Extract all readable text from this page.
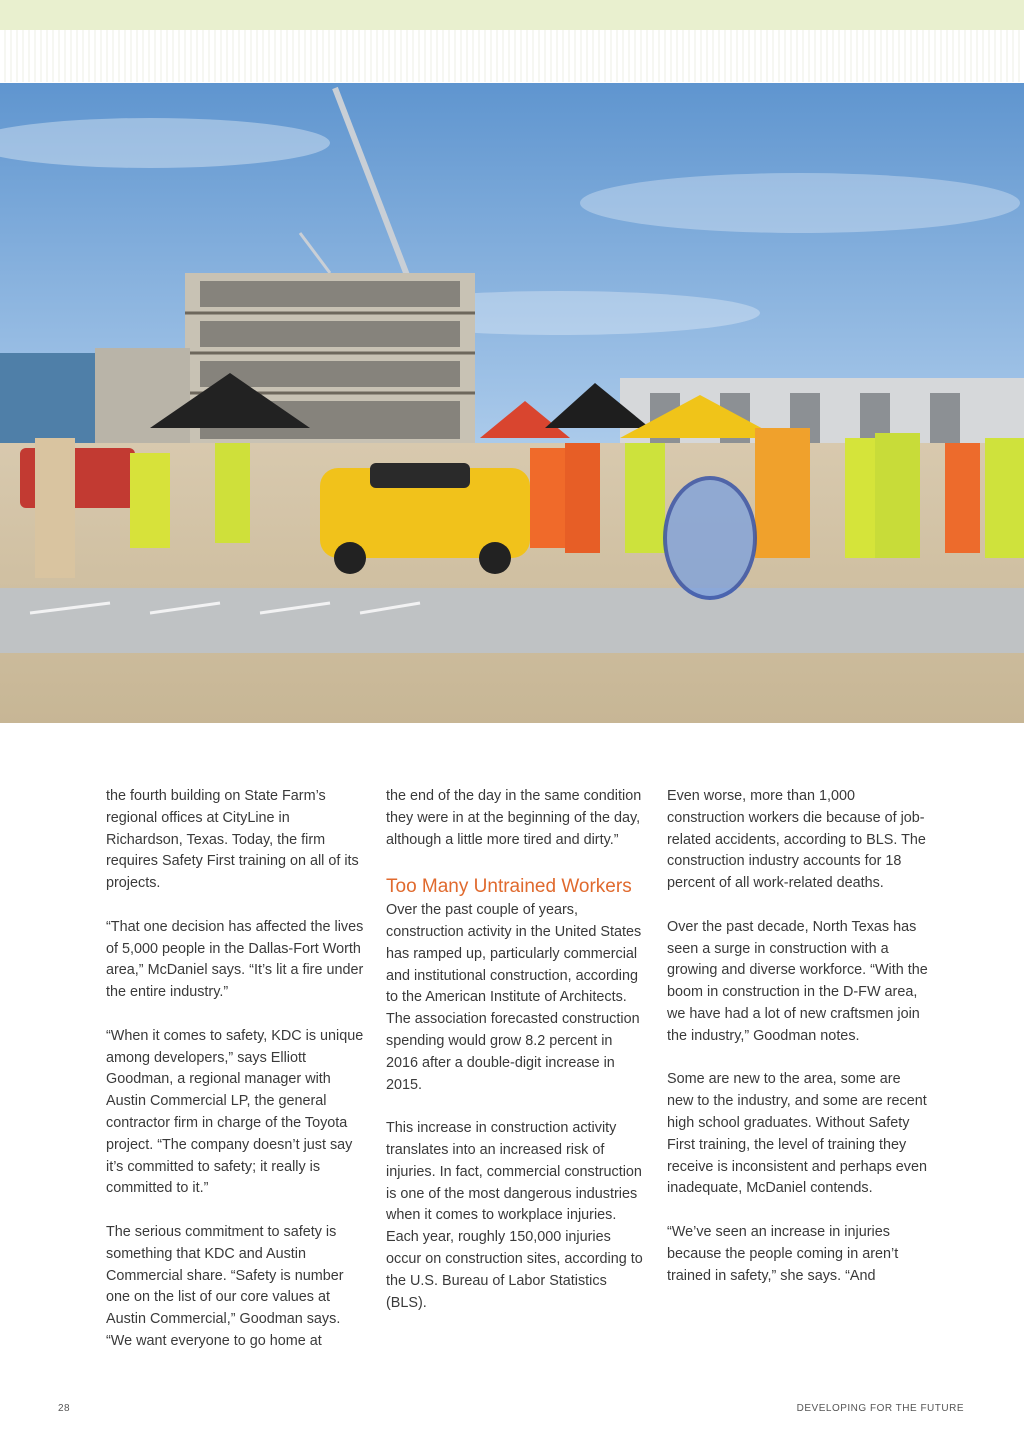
the fourth building on State Farm’s regional offices at CityLine in Richardson, Texas. Today, the firm requires Safety First training on all of its projects.

“That one decision has affected the lives of 5,000 people in the Dallas-Fort Worth area,” McDaniel says. “It’s lit a fire under the entire industry.”

“When it comes to safety, KDC is unique among developers,” says Elliott Goodman, a regional manager with Austin Commercial LP, the general contractor firm in charge of the Toyota project. “The company doesn’t just say it’s committed to safety; it really is committed to it.”

The serious commitment to safety is something that KDC and Austin Commercial share. “Safety is number one on the list of our core values at Austin Commercial,” Goodman says. “We want everyone to go home at

the end of the day in the same condition they were in at the beginning of the day, although a little more tired and dirty.”

Too Many Untrained Workers

Over the past couple of years, construction activity in the United States has ramped up, particularly commercial and institutional construction, according to the American Institute of Architects. The association forecasted construction spending would grow 8.2 percent in 2016 after a double-digit increase in 2015.

This increase in construction activity translates into an increased risk of injuries. In fact, commercial construction is one of the most dangerous industries when it comes to workplace injuries. Each year, roughly 150,000 injuries occur on construction sites, according to the U.S. Bureau of Labor Statistics (BLS).

Even worse, more than 1,000 construction workers die because of job-related accidents, according to BLS. The construction industry accounts for 18 percent of all work-related deaths.

Over the past decade, North Texas has seen a surge in construction with a growing and diverse workforce. “With the boom in construction in the D-FW area, we have had a lot of new craftsmen join the industry,” Goodman notes.

Some are new to the area, some are new to the industry, and some are recent high school graduates. Without Safety First training, the level of training they receive is inconsistent and perhaps even inadequate, McDaniel contends.

“We’ve seen an increase in injuries because the people coming in aren’t trained in safety,” she says. “And

28	DEVELOPING FOR THE FUTURE
